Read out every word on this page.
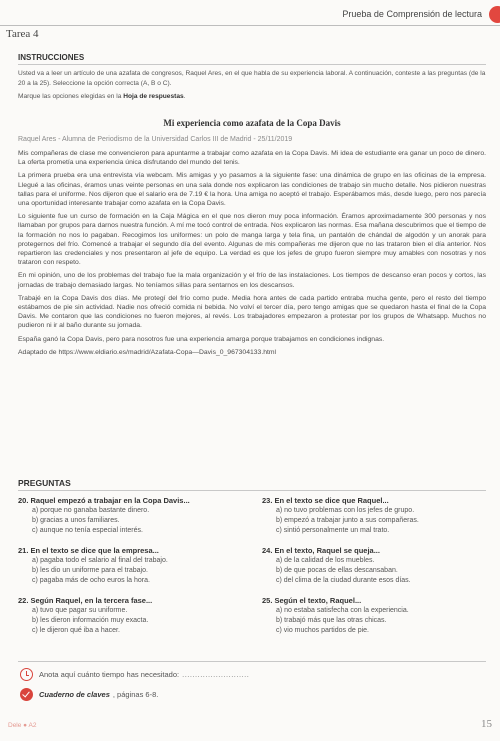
Tarea 4
Prueba de Comprensión de lectura
INSTRUCCIONES

Usted va a leer un artículo de una azafata de congresos, Raquel Ares, en el que habla de su experiencia laboral. A continuación, conteste a las preguntas (de la 20 a la 25). Seleccione la opción correcta (A, B o C).

Marque las opciones elegidas en la Hoja de respuestas.

Mi experiencia como azafata de la Copa Davis
Raquel Ares - Alumna de Periodismo de la Universidad Carlos III de Madrid - 25/11/2019

Mis compañeras de clase me convencieron para apuntarme a trabajar como azafata en la Copa Davis. Mi idea de estudiante era ganar un poco de dinero. La oferta prometía una experiencia única disfrutando del mundo del tenis.

La primera prueba era una entrevista vía webcam. Mis amigas y yo pasamos a la siguiente fase: una dinámica de grupo en las oficinas de la empresa. Llegué a las oficinas, éramos unas veinte personas en una sala donde nos explicaron las condiciones de trabajo sin mucho detalle. Nos pidieron nuestras tallas para el uniforme. Nos dijeron que el salario era de 7.19 € la hora. Una amiga no aceptó el trabajo. Esperábamos más, desde luego, pero nos parecía una oportunidad interesante trabajar como azafata en la Copa Davis.

Lo siguiente fue un curso de formación en la Caja Mágica en el que nos dieron muy poca información. Éramos aproximadamente 300 personas y nos llamaban por grupos para darnos nuestra función. A mí me tocó control de entrada. Nos explicaron las normas. Esa mañana descubrimos que el tiempo de la formación no nos lo pagaban. Recogimos los uniformes: un polo de manga larga y tela fina, un pantalón de chándal de algodón y un anorak para protegernos del frío. Comencé a trabajar el segundo día del evento. Algunas de mis compañeras me dijeron que no las trataron bien el día anterior. Nos repartieron las credenciales y nos presentaron al jefe de equipo. La verdad es que los jefes de grupo fueron siempre muy amables con nosotras y nos trataron con respeto.

En mi opinión, uno de los problemas del trabajo fue la mala organización y el frío de las instalaciones. Los tiempos de descanso eran pocos y cortos, las jornadas de trabajo demasiado largas. No teníamos sillas para sentarnos en los descansos.

Trabajé en la Copa Davis dos días. Me protegí del frío como pude. Media hora antes de cada partido entraba mucha gente, pero el resto del tiempo estábamos de pie sin actividad. Nadie nos ofreció comida ni bebida. No volví el tercer día, pero tengo amigas que se quedaron hasta el final de la Copa Davis. Me contaron que las condiciones no fueron mejores, al revés. Los trabajadores empezaron a protestar por los grupos de Whatsapp. Muchos no pudieron ni ir al baño durante su jornada.

España ganó la Copa Davis, pero para nosotros fue una experiencia amarga porque trabajamos en condiciones indignas.

Adaptado de https://www.eldiario.es/madrid/Azafata-Copa—Davis_0_967304133.html
PREGUNTAS
20. Raquel empezó a trabajar en la Copa Davis...
a) porque no ganaba bastante dinero.
b) gracias a unos familiares.
c) aunque no tenía especial interés.
21. En el texto se dice que la empresa...
a) pagaba todo el salario al final del trabajo.
b) les dio un uniforme para el trabajo.
c) pagaba más de ocho euros la hora.
22. Según Raquel, en la tercera fase...
a) tuvo que pagar su uniforme.
b) les dieron información muy exacta.
c) le dijeron qué iba a hacer.
23. En el texto se dice que Raquel...
a) no tuvo problemas con los jefes de grupo.
b) empezó a trabajar junto a sus compañeras.
c) sintió personalmente un mal trato.
24. En el texto, Raquel se queja...
a) de la calidad de los muebles.
b) de que pocas de ellas descansaban.
c) del clima de la ciudad durante esos días.
25. Según el texto, Raquel...
a) no estaba satisfecha con la experiencia.
b) trabajó más que las otras chicas.
c) vio muchos partidos de pie.
Anota aquí cuánto tiempo has necesitado: ..........................
Cuaderno de claves , páginas 6-8.
Dele ● A2	15
